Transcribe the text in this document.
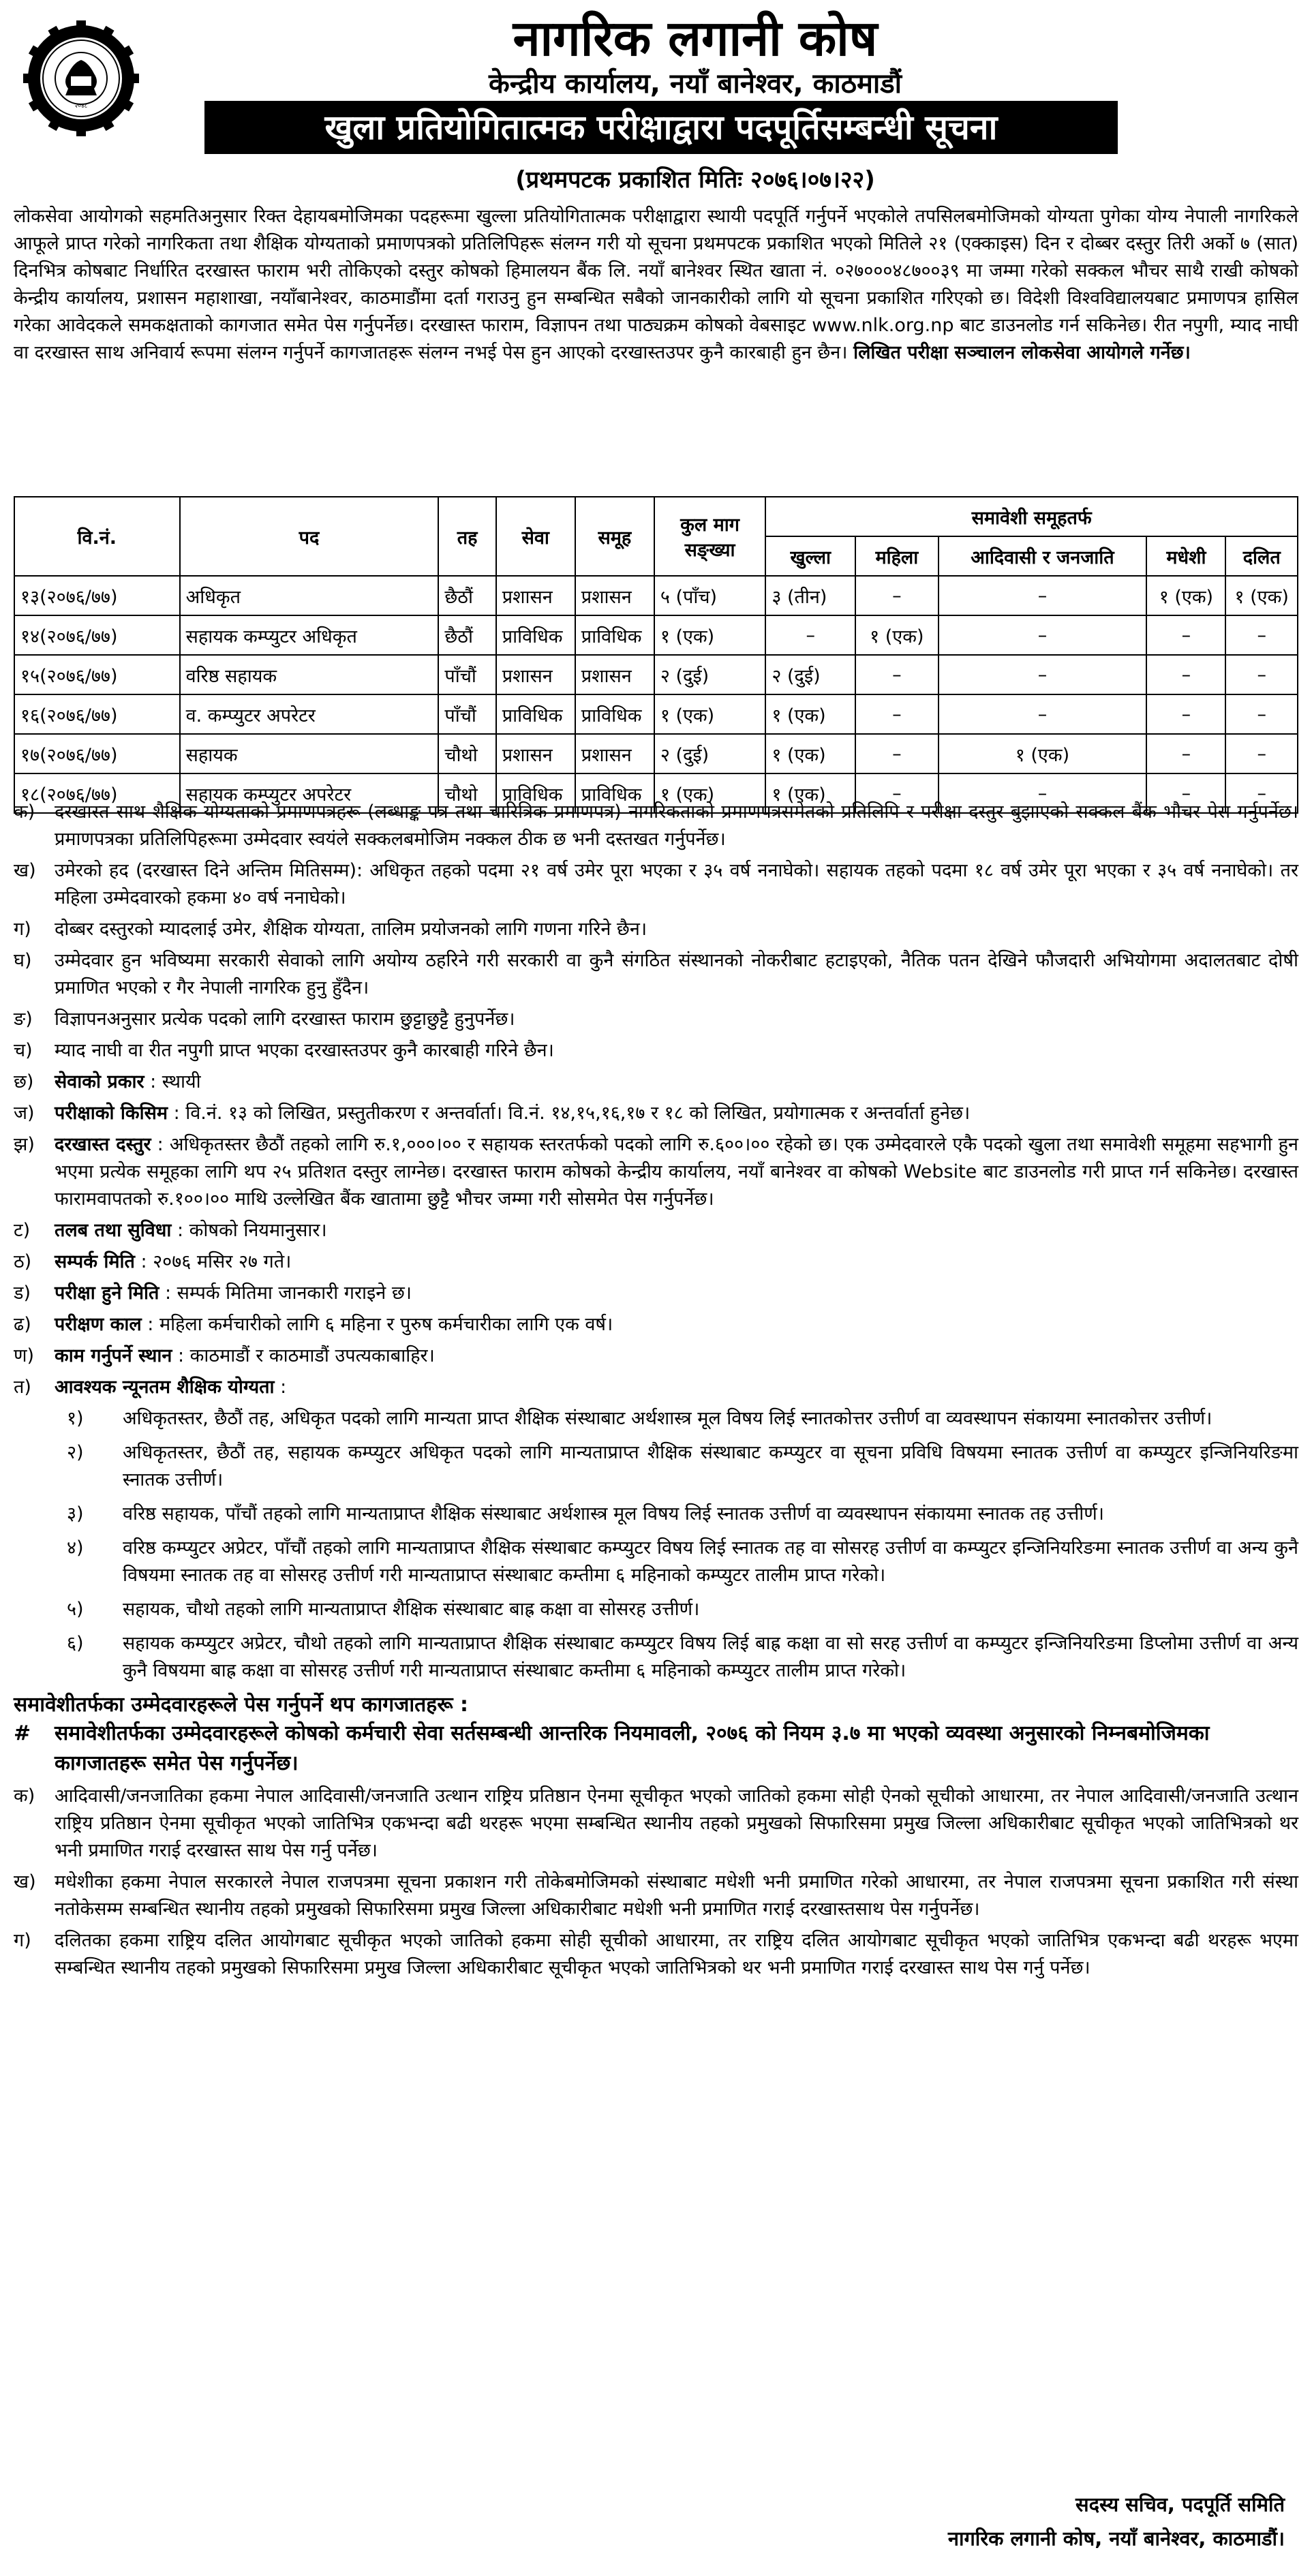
२०४८
नागरिक लगानी कोष
केन्द्रीय कार्यालय, नयाँ बानेश्वर, काठमाडौं
खुला प्रतियोगितात्मक परीक्षाद्वारा पदपूर्तिसम्बन्धी सूचना
(प्रथमपटक प्रकाशित मितिः २०७६।०७।२२)
लोकसेवा आयोगको सहमतिअनुसार रिक्त देहायबमोजिमका पदहरूमा खुल्ला प्रतियोगितात्मक परीक्षाद्वारा स्थायी पदपूर्ति गर्नुपर्ने भएकोले तपसिलबमोजिमको योग्यता पुगेका योग्य नेपाली नागरिकले आफूले प्राप्त गरेको नागरिकता तथा शैक्षिक योग्यताको प्रमाणपत्रको प्रतिलिपिहरू संलग्न गरी यो सूचना प्रथमपटक प्रकाशित भएको मितिले २१ (एक्काइस) दिन र दोब्बर दस्तुर तिरी अर्को ७ (सात) दिनभित्र कोषबाट निर्धारित दरखास्त फाराम भरी तोकिएको दस्तुर कोषको हिमालयन बैंक लि. नयाँ बानेश्वर स्थित खाता नं. ०२७०००४८७००३९ मा जम्मा गरेको सक्कल भौचर साथै राखी कोषको केन्द्रीय कार्यालय, प्रशासन महाशाखा, नयाँबानेश्वर, काठमाडौंमा दर्ता गराउनु हुन सम्बन्धित सबैको जानकारीको लागि यो सूचना प्रकाशित गरिएको छ। विदेशी विश्वविद्यालयबाट प्रमाणपत्र हासिल गरेका आवेदकले समकक्षताको कागजात समेत पेस गर्नुपर्नेछ। दरखास्त फाराम, विज्ञापन तथा पाठ्यक्रम कोषको वेबसाइट www.nlk.org.np बाट डाउनलोड गर्न सकिनेछ। रीत नपुगी, म्याद नाघी वा दरखास्त साथ अनिवार्य रूपमा संलग्न गर्नुपर्ने कागजातहरू संलग्न नभई पेस हुन आएको दरखास्तउपर कुनै कारबाही हुन छैन। लिखित परीक्षा सञ्चालन लोकसेवा आयोगले गर्नेछ।
वि.नं.	पद	तह	सेवा	समूह	कुल माग सङ्ख्या	समावेशी समूहतर्फ				
						खुल्ला	महिला	आदिवासी र जनजाति	मधेशी	दलित
१३(२०७६/७७)	अधिकृत	छैठौं	प्रशासन	प्रशासन	५ (पाँच)	३ (तीन)	–	–	१ (एक)	१ (एक)
१४(२०७६/७७)	सहायक कम्प्युटर अधिकृत	छैठौं	प्राविधिक	प्राविधिक	१ (एक)	–	१ (एक)	–	–	–
१५(२०७६/७७)	वरिष्ठ सहायक	पाँचौं	प्रशासन	प्रशासन	२ (दुई)	२ (दुई)	–	–	–	–
१६(२०७६/७७)	व. कम्प्युटर अपरेटर	पाँचौं	प्राविधिक	प्राविधिक	१ (एक)	१ (एक)	–	–	–	–
१७(२०७६/७७)	सहायक	चौथो	प्रशासन	प्रशासन	२ (दुई)	१ (एक)	–	१ (एक)	–	–
१८(२०७६/७७)	सहायक कम्प्युटर अपरेटर	चौथो	प्राविधिक	प्राविधिक	१ (एक)	१ (एक)	–	–	–	–
क)	दरखास्त साथ शैक्षिक योग्यताको प्रमाणपत्रहरू (लब्धाङ्क पत्र तथा चारित्रिक प्रमाणपत्र) नागरिकताको प्रमाणपत्रसमेतको प्रतिलिपि र परीक्षा दस्तुर बुझाएको सक्कल बैंक भौचर पेस गर्नुपर्नेछ। प्रमाणपत्रका प्रतिलिपिहरूमा उम्मेदवार स्वयंले सक्कलबमोजिम नक्कल ठीक छ भनी दस्तखत गर्नुपर्नेछ।
ख)	उमेरको हद (दरखास्त दिने अन्तिम मितिसम्म): अधिकृत तहको पदमा २१ वर्ष उमेर पूरा भएका र ३५ वर्ष ननाघेको। सहायक तहको पदमा १८ वर्ष उमेर पूरा भएका र ३५ वर्ष ननाघेको। तर महिला उम्मेदवारको हकमा ४० वर्ष ननाघेको।
ग)	दोब्बर दस्तुरको म्यादलाई उमेर, शैक्षिक योग्यता, तालिम प्रयोजनको लागि गणना गरिने छैन।
घ)	उम्मेदवार हुन भविष्यमा सरकारी सेवाको लागि अयोग्य ठहरिने गरी सरकारी वा कुनै संगठित संस्थानको नोकरीबाट हटाइएको, नैतिक पतन देखिने फौजदारी अभियोगमा अदालतबाट दोषी प्रमाणित भएको र गैर नेपाली नागरिक हुनु हुँदैन।
ङ)	विज्ञापनअनुसार प्रत्येक पदको लागि दरखास्त फाराम छुट्टाछुट्टै हुनुपर्नेछ।
च)	म्याद नाघी वा रीत नपुगी प्राप्त भएका दरखास्तउपर कुनै कारबाही गरिने छैन।
छ)	सेवाको प्रकार : स्थायी
ज)	परीक्षाको किसिम : वि.नं. १३ को लिखित, प्रस्तुतीकरण र अन्तर्वार्ता। वि.नं. १४,१५,१६,१७ र १८ को लिखित, प्रयोगात्मक र अन्तर्वार्ता हुनेछ।
झ)	दरखास्त दस्तुर : अधिकृतस्तर छैठौं तहको लागि रु.१,०००।०० र सहायक स्तरतर्फको पदको लागि रु.६००।०० रहेको छ। एक उम्मेदवारले एकै पदको खुला तथा समावेशी समूहमा सहभागी हुन भएमा प्रत्येक समूहका लागि थप २५ प्रतिशत दस्तुर लाग्नेछ। दरखास्त फाराम कोषको केन्द्रीय कार्यालय, नयाँ बानेश्वर वा कोषको Website बाट डाउनलोड गरी प्राप्त गर्न सकिनेछ। दरखास्त फारामवापतको रु.१००।०० माथि उल्लेखित बैंक खातामा छुट्टै भौचर जम्मा गरी सोसमेत पेस गर्नुपर्नेछ।
ट)	तलब तथा सुविधा : कोषको नियमानुसार।
ठ)	सम्पर्क मिति : २०७६ मसिर २७ गते।
ड)	परीक्षा हुने मिति : सम्पर्क मितिमा जानकारी गराइने छ।
ढ)	परीक्षण काल : महिला कर्मचारीको लागि ६ महिना र पुरुष कर्मचारीका लागि एक वर्ष।
ण)	काम गर्नुपर्ने स्थान : काठमाडौं र काठमाडौं उपत्यकाबाहिर।
त)	आवश्यक न्यूनतम शैक्षिक योग्यता :
१)	अधिकृतस्तर, छैठौं तह, अधिकृत पदको लागि मान्यता प्राप्त शैक्षिक संस्थाबाट अर्थशास्त्र मूल विषय लिई स्नातकोत्तर उत्तीर्ण वा व्यवस्थापन संकायमा स्नातकोत्तर उत्तीर्ण।
२)	अधिकृतस्तर, छैठौं तह, सहायक कम्प्युटर अधिकृत पदको लागि मान्यताप्राप्त शैक्षिक संस्थाबाट कम्प्युटर वा सूचना प्रविधि विषयमा स्नातक उत्तीर्ण वा कम्प्युटर इन्जिनियरिङमा स्नातक उत्तीर्ण।
३)	वरिष्ठ सहायक, पाँचौं तहको लागि मान्यताप्राप्त शैक्षिक संस्थाबाट अर्थशास्त्र मूल विषय लिई स्नातक उत्तीर्ण वा व्यवस्थापन संकायमा स्नातक तह उत्तीर्ण।
४)	वरिष्ठ कम्प्युटर अप्रेटर, पाँचौं तहको लागि मान्यताप्राप्त शैक्षिक संस्थाबाट कम्प्युटर विषय लिई स्नातक तह वा सोसरह उत्तीर्ण वा कम्प्युटर इन्जिनियरिङमा स्नातक उत्तीर्ण वा अन्य कुनै विषयमा स्नातक तह वा सोसरह उत्तीर्ण गरी मान्यताप्राप्त संस्थाबाट कम्तीमा ६ महिनाको कम्प्युटर तालीम प्राप्त गरेको।
५)	सहायक, चौथो तहको लागि मान्यताप्राप्त शैक्षिक संस्थाबाट बाह्र कक्षा वा सोसरह उत्तीर्ण।
६)	सहायक कम्प्युटर अप्रेटर, चौथो तहको लागि मान्यताप्राप्त शैक्षिक संस्थाबाट कम्प्युटर विषय लिई बाह्र कक्षा वा सो सरह उत्तीर्ण वा कम्प्युटर इन्जिनियरिङमा डिप्लोमा उत्तीर्ण वा अन्य कुनै विषयमा बाह्र कक्षा वा सोसरह उत्तीर्ण गरी मान्यताप्राप्त संस्थाबाट कम्तीमा ६ महिनाको कम्प्युटर तालीम प्राप्त गरेको।
समावेशीतर्फका उम्मेदवारहरूले पेस गर्नुपर्ने थप कागजातहरू :
#	समावेशीतर्फका उम्मेदवारहरूले कोषको कर्मचारी सेवा सर्तसम्बन्धी आन्तरिक नियमावली, २०७६ को नियम ३.७ मा भएको व्यवस्था अनुसारको निम्नबमोजिमका कागजातहरू समेत पेस गर्नुपर्नेछ।
क)	आदिवासी/जनजातिका हकमा नेपाल आदिवासी/जनजाति उत्थान राष्ट्रिय प्रतिष्ठान ऐनमा सूचीकृत भएको जातिको हकमा सोही ऐनको सूचीको आधारमा, तर नेपाल आदिवासी/जनजाति उत्थान राष्ट्रिय प्रतिष्ठान ऐनमा सूचीकृत भएको जातिभित्र एकभन्दा बढी थरहरू भएमा सम्बन्धित स्थानीय तहको प्रमुखको सिफारिसमा प्रमुख जिल्ला अधिकारीबाट सूचीकृत भएको जातिभित्रको थर भनी प्रमाणित गराई दरखास्त साथ पेस गर्नु पर्नेछ।
ख)	मधेशीका हकमा नेपाल सरकारले नेपाल राजपत्रमा सूचना प्रकाशन गरी तोकेबमोजिमको संस्थाबाट मधेशी भनी प्रमाणित गरेको आधारमा, तर नेपाल राजपत्रमा सूचना प्रकाशित गरी संस्था नतोकेसम्म सम्बन्धित स्थानीय तहको प्रमुखको सिफारिसमा प्रमुख जिल्ला अधिकारीबाट मधेशी भनी प्रमाणित गराई दरखास्तसाथ पेस गर्नुपर्नेछ।
ग)	दलितका हकमा राष्ट्रिय दलित आयोगबाट सूचीकृत भएको जातिको हकमा सोही सूचीको आधारमा, तर राष्ट्रिय दलित आयोगबाट सूचीकृत भएको जातिभित्र एकभन्दा बढी थरहरू भएमा सम्बन्धित स्थानीय तहको प्रमुखको सिफारिसमा प्रमुख जिल्ला अधिकारीबाट सूचीकृत भएको जातिभित्रको थर भनी प्रमाणित गराई दरखास्त साथ पेस गर्नु पर्नेछ।
सदस्य सचिव, पदपूर्ति समिति
नागरिक लगानी कोष, नयाँ बानेश्वर, काठमाडौं।
